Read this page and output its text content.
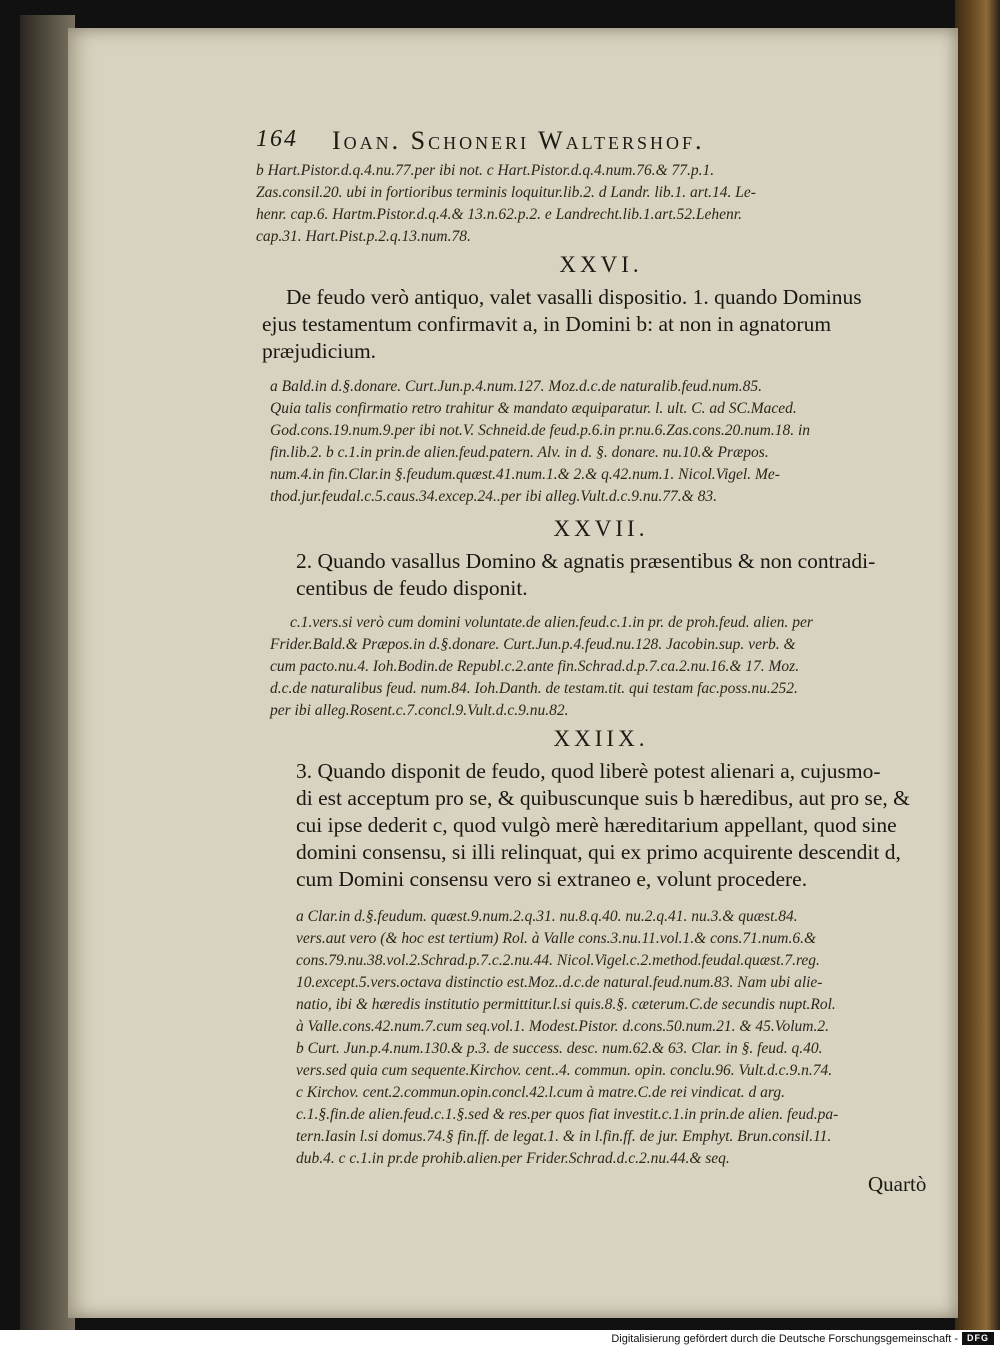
164 Ioan. Schoneri Waltershof.
b Hart.Pistor.d.q.4.nu.77.per ibi not. c Hart.Pistor.d.q.4.num.76.& 77.p.1.
Zas.consil.20. ubi in fortioribus terminis loquitur.lib.2. d Landr. lib.1. art.14. Le-
henr. cap.6. Hartm.Pistor.d.q.4.& 13.n.62.p.2. e Landrecht.lib.1.art.52.Lehenr.
cap.31. Hart.Pist.p.2.q.13.num.78.
XXVI.
De feudo verò antiquo, valet vasalli dispositio. 1. quando Dominus
ejus testamentum confirmavit a, in Domini b: at non in agnatorum
præjudicium.
a Bald.in d.§.donare. Curt.Jun.p.4.num.127. Moz.d.c.de naturalib.feud.num.85.
Quia talis confirmatio retro trahitur & mandato æquiparatur. l. ult. C. ad SC.Maced.
God.cons.19.num.9.per ibi not.V. Schneid.de feud.p.6.in pr.nu.6.Zas.cons.20.num.18. in
fin.lib.2. b c.1.in prin.de alien.feud.patern. Alv. in d. §. donare. nu.10.& Præpos.
num.4.in fin.Clar.in §.feudum.quæst.41.num.1.& 2.& q.42.num.1. Nicol.Vigel. Me-
thod.jur.feudal.c.5.caus.34.excep.24..per ibi alleg.Vult.d.c.9.nu.77.& 83.
XXVII.
2. Quando vasallus Domino & agnatis præsentibus & non contradi-
centibus de feudo disponit.
c.1.vers.si verò cum domini voluntate.de alien.feud.c.1.in pr. de proh.feud. alien. per
Frider.Bald.& Præpos.in d.§.donare. Curt.Jun.p.4.feud.nu.128. Jacobin.sup. verb. &
cum pacto.nu.4. Ioh.Bodin.de Republ.c.2.ante fin.Schrad.d.p.7.ca.2.nu.16.& 17. Moz.
d.c.de naturalibus feud. num.84. Ioh.Danth. de testam.tit. qui testam fac.poss.nu.252.
per ibi alleg.Rosent.c.7.concl.9.Vult.d.c.9.nu.82.
XXIIX.
3. Quando disponit de feudo, quod liberè potest alienari a, cujusmo-
di est acceptum pro se, & quibuscunque suis b hæredibus, aut pro se, &
cui ipse dederit c, quod vulgò merè hæreditarium appellant, quod sine
domini consensu, si illi relinquat, qui ex primo acquirente descendit d,
cum Domini consensu vero si extraneo e, volunt procedere.
a Clar.in d.§.feudum. quæst.9.num.2.q.31. nu.8.q.40. nu.2.q.41. nu.3.& quæst.84.
vers.aut vero (& hoc est tertium) Rol. à Valle cons.3.nu.11.vol.1.& cons.71.num.6.&
cons.79.nu.38.vol.2.Schrad.p.7.c.2.nu.44. Nicol.Vigel.c.2.method.feudal.quæst.7.reg.
10.except.5.vers.octava distinctio est.Moz..d.c.de natural.feud.num.83. Nam ubi alie-
natio, ibi & hæredis institutio permittitur.l.si quis.8.§. cæterum.C.de secundis nupt.Rol.
à Valle.cons.42.num.7.cum seq.vol.1. Modest.Pistor. d.cons.50.num.21. & 45.Volum.2.
b Curt. Jun.p.4.num.130.& p.3. de success. desc. num.62.& 63. Clar. in §. feud. q.40.
vers.sed quia cum sequente.Kirchov. cent..4. commun. opin. conclu.96. Vult.d.c.9.n.74.
c Kirchov. cent.2.commun.opin.concl.42.l.cum à matre.C.de rei vindicat. d arg.
c.1.§.fin.de alien.feud.c.1.§.sed & res.per quos fiat investit.c.1.in prin.de alien. feud.pa-
tern.Iasin l.si domus.74.§ fin.ff. de legat.1. & in l.fin.ff. de jur. Emphyt. Brun.consil.11.
dub.4. c c.1.in pr.de prohib.alien.per Frider.Schrad.d.c.2.nu.44.& seq.
Quartò
Digitalisierung gefördert durch die Deutsche Forschungsgemeinschaft -	DFG
